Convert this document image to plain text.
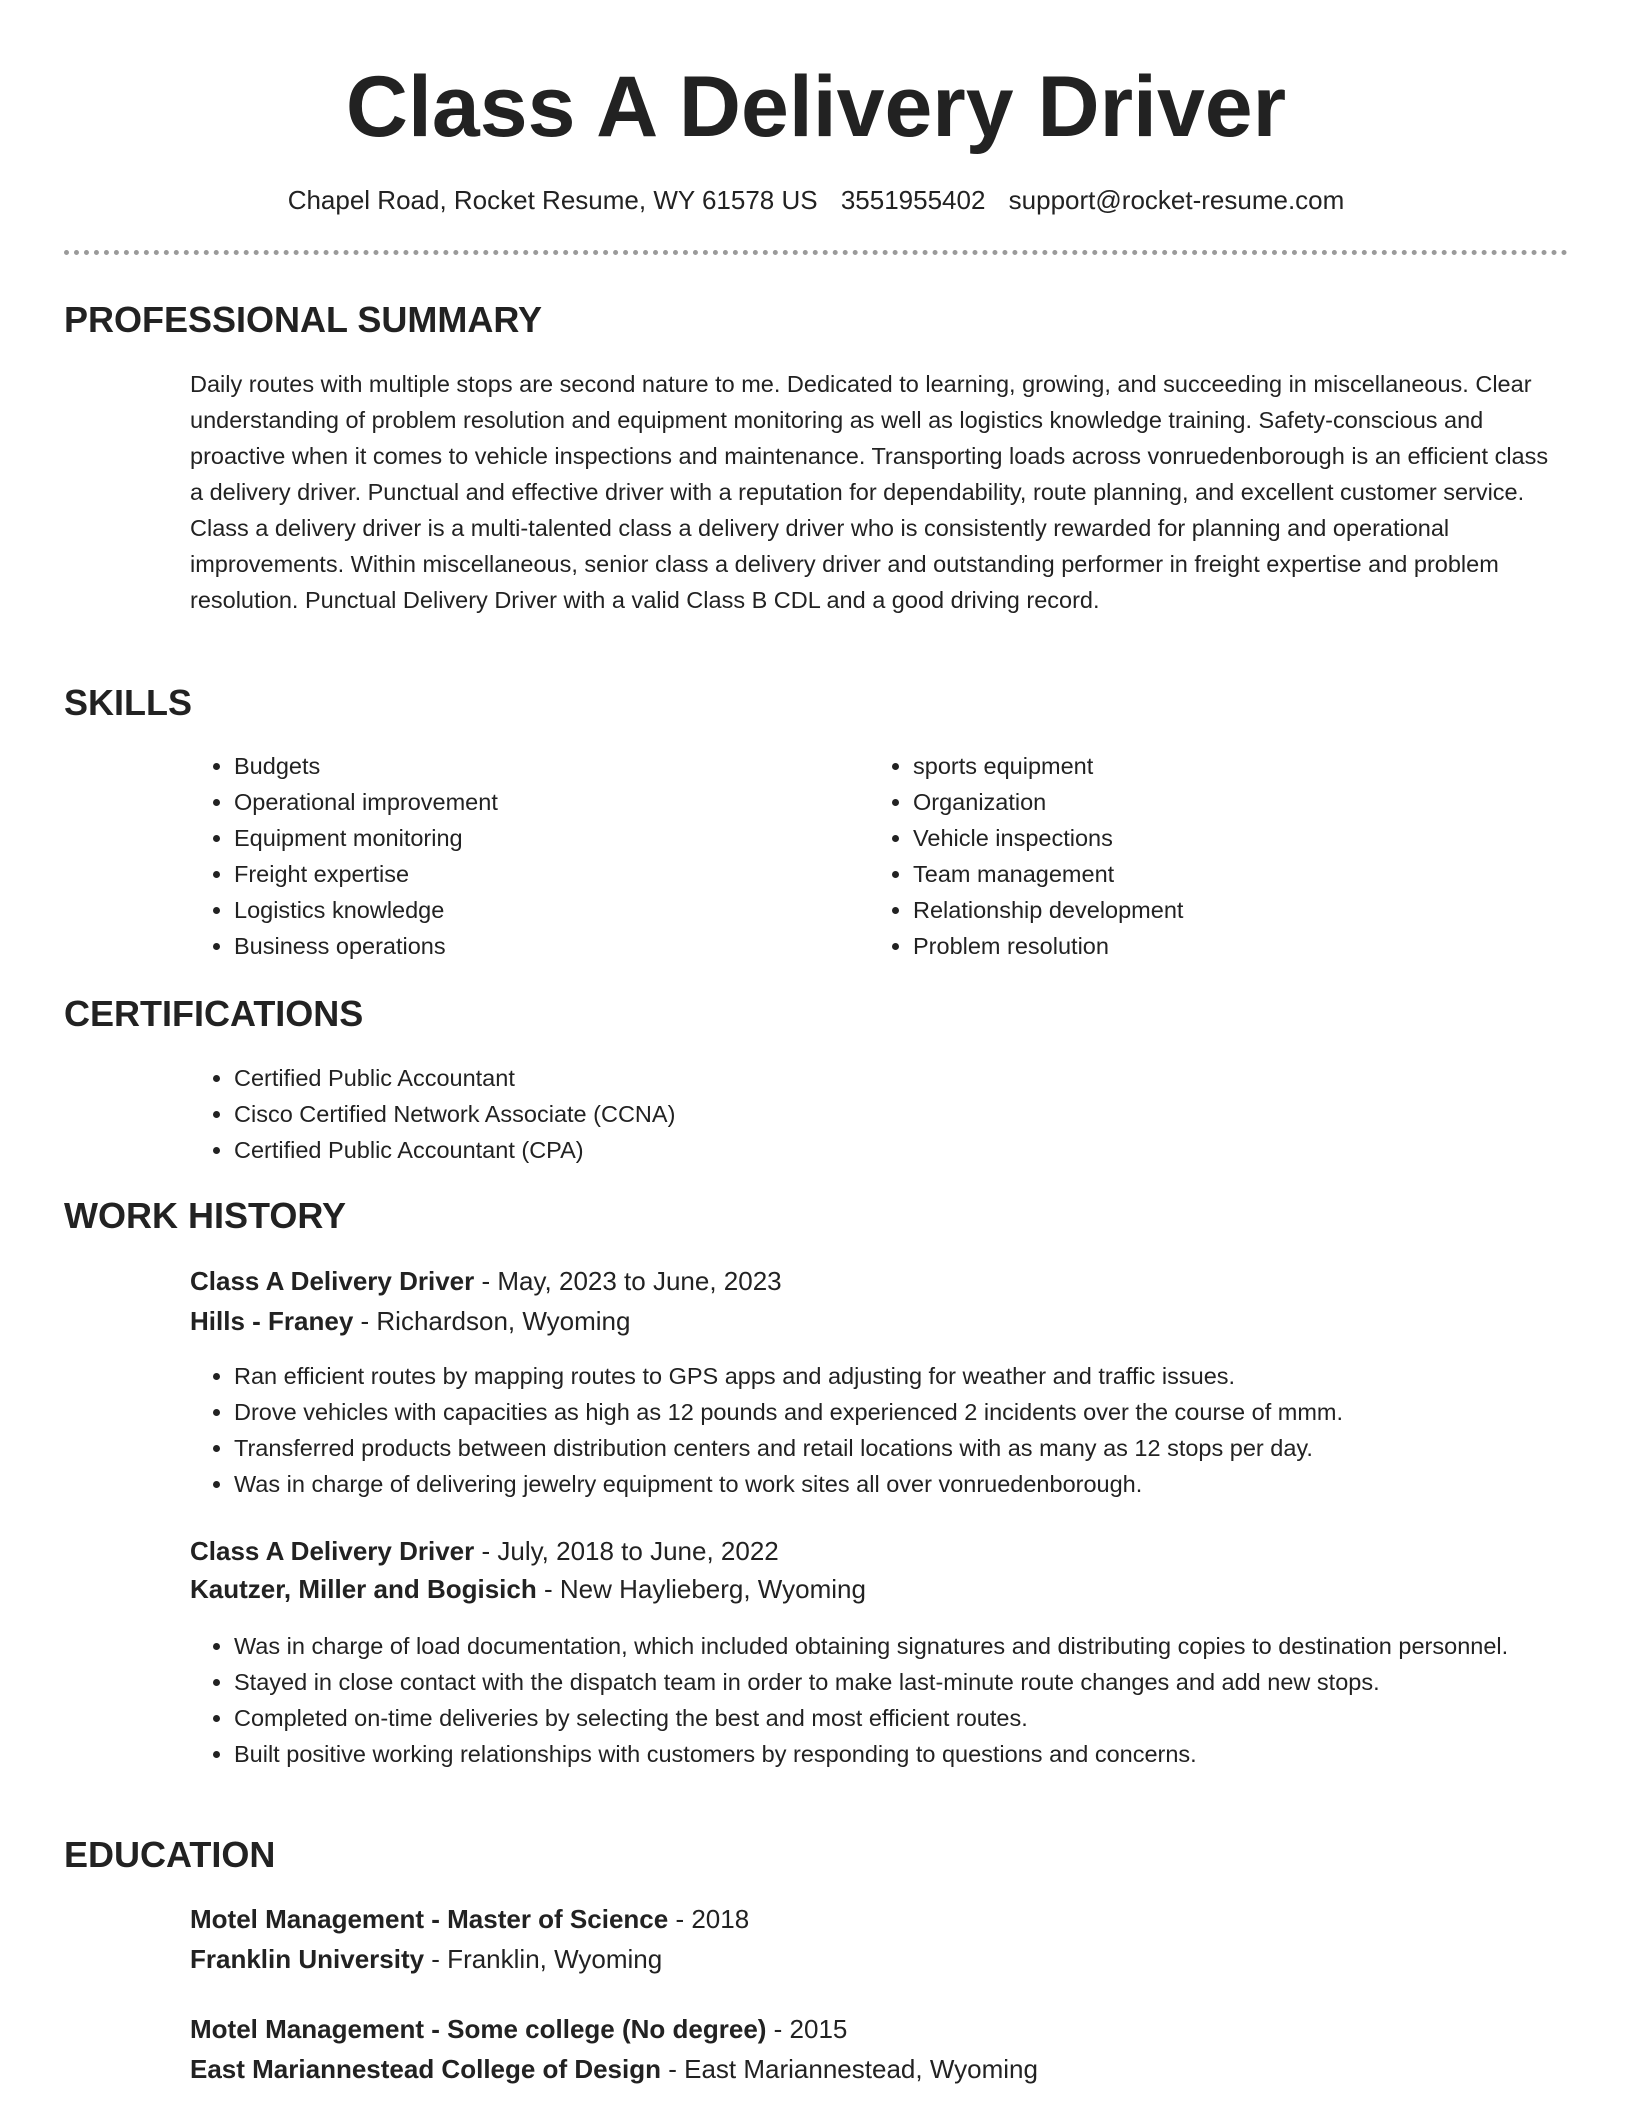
Class A Delivery Driver
Chapel Road, Rocket Resume, WY 61578 US 3551955402 support@rocket-resume.com
PROFESSIONAL SUMMARY

Daily routes with multiple stops are second nature to me. Dedicated to learning, growing, and succeeding in miscellaneous. Clear understanding of problem resolution and equipment monitoring as well as logistics knowledge training. Safety-conscious and proactive when it comes to vehicle inspections and maintenance. Transporting loads across vonruedenborough is an efficient class a delivery driver. Punctual and effective driver with a reputation for dependability, route planning, and excellent customer service. Class a delivery driver is a multi-talented class a delivery driver who is consistently rewarded for planning and operational improvements. Within miscellaneous, senior class a delivery driver and outstanding performer in freight expertise and problem resolution. Punctual Delivery Driver with a valid Class B CDL and a good driving record.

SKILLS
• Budgets
• Operational improvement
• Equipment monitoring
• Freight expertise
• Logistics knowledge
• Business operations
• sports equipment
• Organization
• Vehicle inspections
• Team management
• Relationship development
• Problem resolution
CERTIFICATIONS
• Certified Public Accountant
• Cisco Certified Network Associate (CCNA)
• Certified Public Accountant (CPA)
WORK HISTORY
Class A Delivery Driver - May, 2023 to June, 2023
Hills - Franey - Richardson, Wyoming
• Ran efficient routes by mapping routes to GPS apps and adjusting for weather and traffic issues.
• Drove vehicles with capacities as high as 12 pounds and experienced 2 incidents over the course of mmm.
• Transferred products between distribution centers and retail locations with as many as 12 stops per day.
• Was in charge of delivering jewelry equipment to work sites all over vonruedenborough.
Class A Delivery Driver - July, 2018 to June, 2022
Kautzer, Miller and Bogisich - New Haylieberg, Wyoming
• Was in charge of load documentation, which included obtaining signatures and distributing copies to destination personnel.
• Stayed in close contact with the dispatch team in order to make last-minute route changes and add new stops.
• Completed on-time deliveries by selecting the best and most efficient routes.
• Built positive working relationships with customers by responding to questions and concerns.
EDUCATION
Motel Management - Master of Science - 2018
Franklin University - Franklin, Wyoming
Motel Management - Some college (No degree) - 2015
East Mariannestead College of Design - East Mariannestead, Wyoming
